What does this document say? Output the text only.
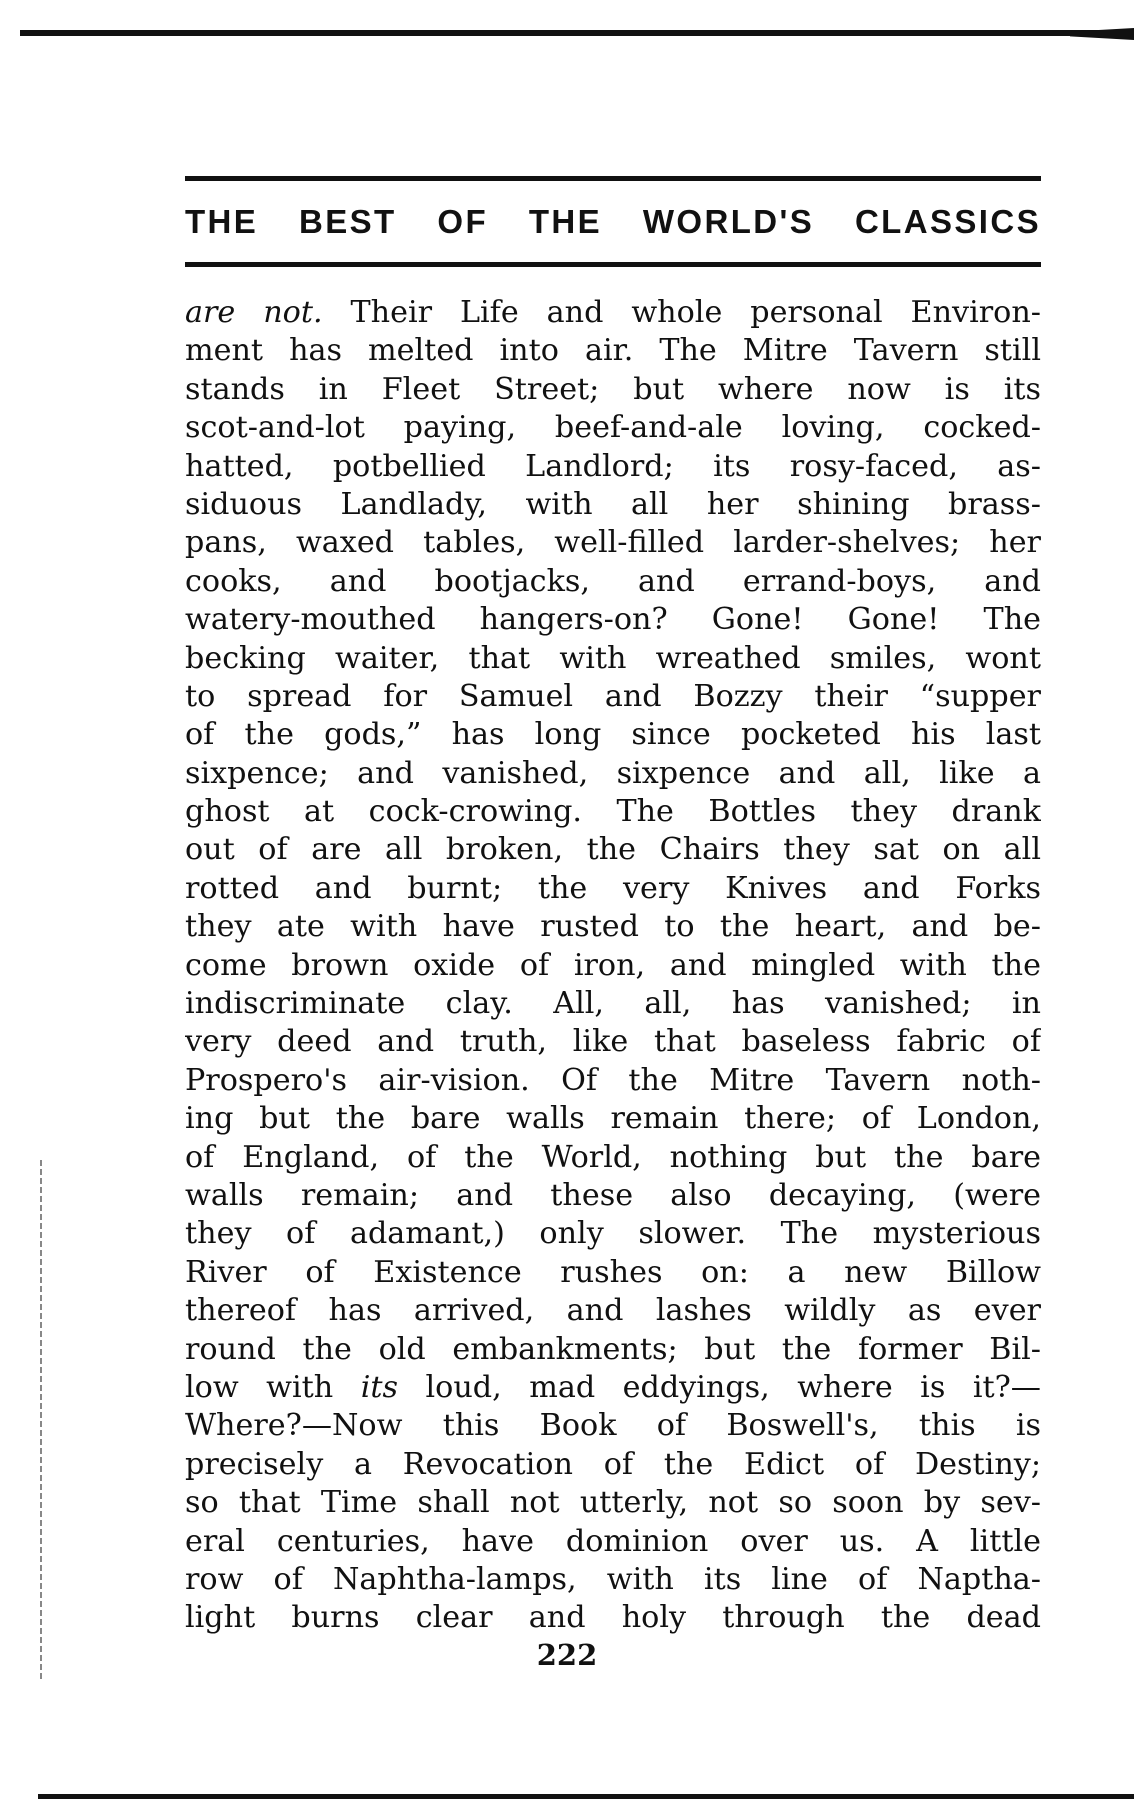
THE BEST OF THE WORLD'S CLASSICS
are not. Their Life and whole personal Environ-
ment has melted into air. The Mitre Tavern still
stands in Fleet Street; but where now is its
scot-and-lot paying, beef-and-ale loving, cocked-
hatted, potbellied Landlord; its rosy-faced, as-
siduous Landlady, with all her shining brass-
pans, waxed tables, well-filled larder-shelves; her
cooks, and bootjacks, and errand-boys, and
watery-mouthed hangers-on? Gone! Gone! The
becking waiter, that with wreathed smiles, wont
to spread for Samuel and Bozzy their “supper
of the gods,” has long since pocketed his last
sixpence; and vanished, sixpence and all, like a
ghost at cock-crowing. The Bottles they drank
out of are all broken, the Chairs they sat on all
rotted and burnt; the very Knives and Forks
they ate with have rusted to the heart, and be-
come brown oxide of iron, and mingled with the
indiscriminate clay. All, all, has vanished; in
very deed and truth, like that baseless fabric of
Prospero's air-vision. Of the Mitre Tavern noth-
ing but the bare walls remain there; of London,
of England, of the World, nothing but the bare
walls remain; and these also decaying, (were
they of adamant,) only slower. The mysterious
River of Existence rushes on: a new Billow
thereof has arrived, and lashes wildly as ever
round the old embankments; but the former Bil-
low with its loud, mad eddyings, where is it?—
Where?—Now this Book of Boswell's, this is
precisely a Revocation of the Edict of Destiny;
so that Time shall not utterly, not so soon by sev-
eral centuries, have dominion over us. A little
row of Naphtha-lamps, with its line of Naptha-
light burns clear and holy through the dead
222
